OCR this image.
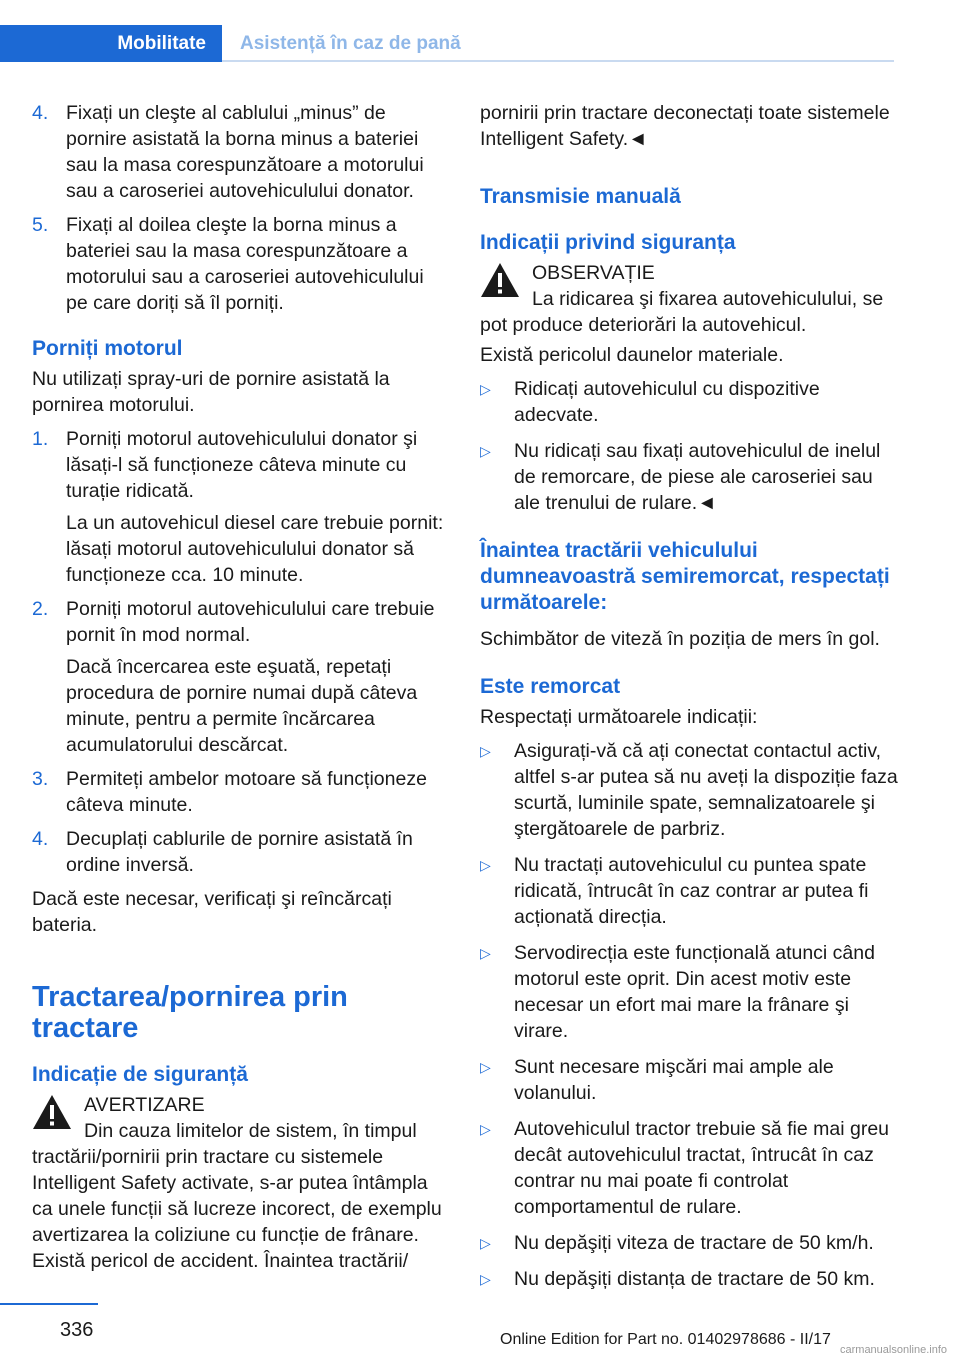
Mobilitate	Asistență în caz de pană
4. Fixați un cleşte al cablului „minus” de pornire asistată la borna minus a bateriei sau la masa corespunzătoare a motorului sau a caroseriei autovehiculului donator.

5. Fixați al doilea cleşte la borna minus a bateriei sau la masa corespunzătoare a motorului sau a caroseriei autovehiculului pe care doriți să îl porniți.

Porniți motorul

Nu utilizați spray-uri de pornire asistată la pornirea motorului.

1. Porniți motorul autovehiculului donator şi lăsați-l să funcționeze câteva minute cu turație ridicată.

La un autovehicul diesel care trebuie pornit: lăsați motorul autovehiculului donator să funcționeze cca. 10 minute.

2. Porniți motorul autovehiculului care trebuie pornit în mod normal.

Dacă încercarea este eşuată, repetați procedura de pornire numai după câteva minute, pentru a permite încărcarea acumulatorului descărcat.

3. Permiteți ambelor motoare să funcționeze câteva minute.

4. Decuplați cablurile de pornire asistată în ordine inversă.

Dacă este necesar, verificați şi reîncărcați bateria.

Tractarea/pornirea prin tractare
Indicație de siguranță
AVERTIZARE

Din cauza limitelor de sistem, în timpul tractării/pornirii prin tractare cu sistemele Intelligent Safety activate, s-ar putea întâmpla ca unele funcții să lucreze incorect, de exemplu avertizarea la coliziune cu funcție de frânare. Există pericol de accident. Înaintea tractării/

pornirii prin tractare deconectați toate sistemele Intelligent Safety.◄

Transmisie manuală
Indicații privind siguranța
OBSERVAȚIE

La ridicarea şi fixarea autovehiculului, se pot produce deteriorări la autovehicul.

Există pericolul daunelor materiale.

▷ Ridicați autovehiculul cu dispozitive adecvate.
▷ Nu ridicați sau fixați autovehiculul de inelul de remorcare, de piese ale caroseriei sau ale trenului de rulare.◄
Înaintea tractării vehiculului dumneavoastră semiremorcat, respectați următoarele:

Schimbător de viteză în poziția de mers în gol.

Este remorcat

Respectați următoarele indicații:

▷ Asigurați-vă că ați conectat contactul activ, altfel s-ar putea să nu aveți la dispoziție faza scurtă, luminile spate, semnalizatoarele şi ştergătoarele de parbriz.
▷ Nu tractați autovehiculul cu puntea spate ridicată, întrucât în caz contrar ar putea fi acționată direcția.
▷ Servodirecția este funcțională atunci când motorul este oprit. Din acest motiv este necesar un efort mai mare la frânare şi virare.
▷ Sunt necesare mişcări mai ample ale volanului.
▷ Autovehiculul tractor trebuie să fie mai greu decât autovehiculul tractat, întrucât în caz contrar nu mai poate fi controlat comportamentul de rulare.
▷ Nu depăşiți viteza de tractare de 50 km/h.
▷ Nu depăşiți distanța de tractare de 50 km.
336	Online Edition for Part no. 01402978686 - II/17
carmanualsonline.info
